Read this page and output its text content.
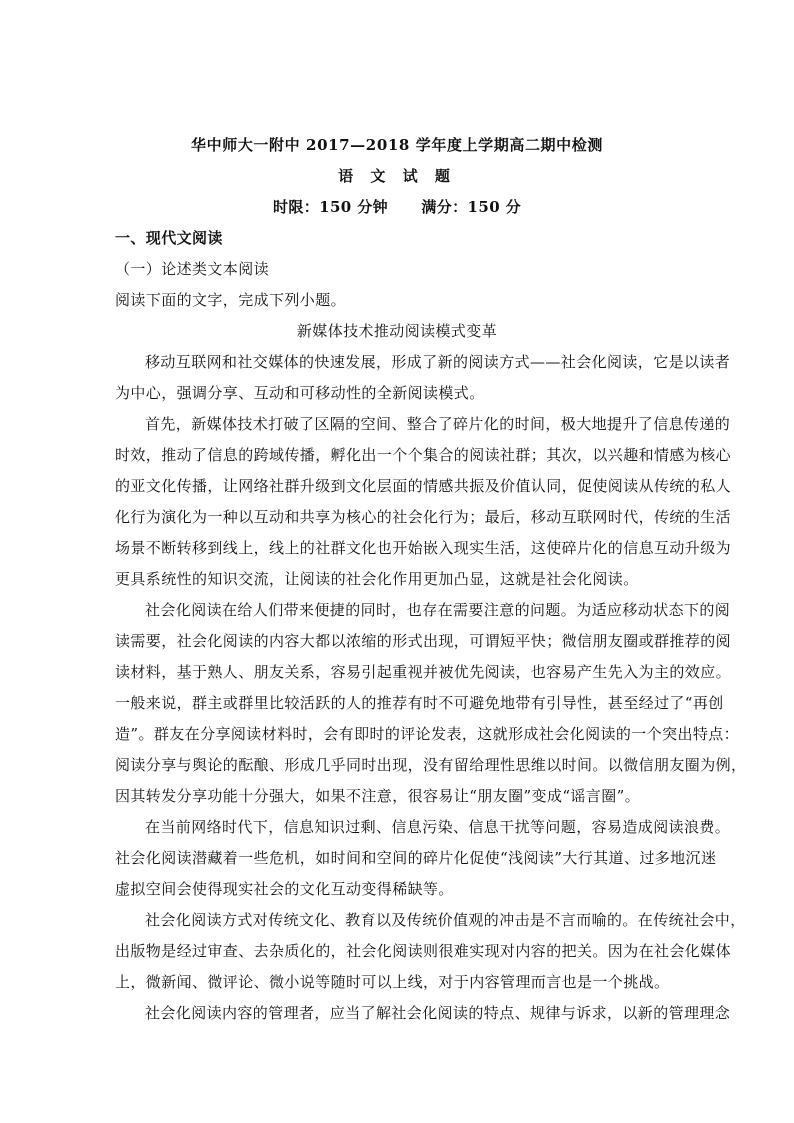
华中师大一附中 2017—2018 学年度上学期高二期中检测
语 文 试 题
时限：150 分钟 满分：150 分
一、现代文阅读
（一）论述类文本阅读
阅读下面的文字，完成下列小题。
新媒体技术推动阅读模式变革
移动互联网和社交媒体的快速发展，形成了新的阅读方式——社会化阅读，它是以读者
为中心，强调分享、互动和可移动性的全新阅读模式。
首先，新媒体技术打破了区隔的空间、整合了碎片化的时间，极大地提升了信息传递的
时效，推动了信息的跨域传播，孵化出一个个集合的阅读社群；其次，以兴趣和情感为核心
的亚文化传播，让网络社群升级到文化层面的情感共振及价值认同，促使阅读从传统的私人
化行为演化为一种以互动和共享为核心的社会化行为；最后，移动互联网时代，传统的生活
场景不断转移到线上，线上的社群文化也开始嵌入现实生活，这使碎片化的信息互动升级为
更具系统性的知识交流，让阅读的社会化作用更加凸显，这就是社会化阅读。
社会化阅读在给人们带来便捷的同时，也存在需要注意的问题。为适应移动状态下的阅
读需要，社会化阅读的内容大都以浓缩的形式出现，可谓短平快；微信朋友圈或群推荐的阅
读材料，基于熟人、朋友关系，容易引起重视并被优先阅读，也容易产生先入为主的效应。
一般来说，群主或群里比较活跃的人的推荐有时不可避免地带有引导性，甚至经过了“再创
造”。群友在分享阅读材料时，会有即时的评论发表，这就形成社会化阅读的一个突出特点：
阅读分享与舆论的酝酿、形成几乎同时出现，没有留给理性思维以时间。以微信朋友圈为例，
因其转发分享功能十分强大，如果不注意，很容易让“朋友圈”变成“谣言圈”。
在当前网络时代下，信息知识过剩、信息污染、信息干扰等问题，容易造成阅读浪费。
社会化阅读潜藏着一些危机，如时间和空间的碎片化促使“浅阅读”大行其道、过多地沉迷
虚拟空间会使得现实社会的文化互动变得稀缺等。
社会化阅读方式对传统文化、教育以及传统价值观的冲击是不言而喻的。在传统社会中，
出版物是经过审查、去杂质化的，社会化阅读则很难实现对内容的把关。因为在社会化媒体
上，微新闻、微评论、微小说等随时可以上线，对于内容管理而言也是一个挑战。
社会化阅读内容的管理者，应当了解社会化阅读的特点、规律与诉求，以新的管理理念
